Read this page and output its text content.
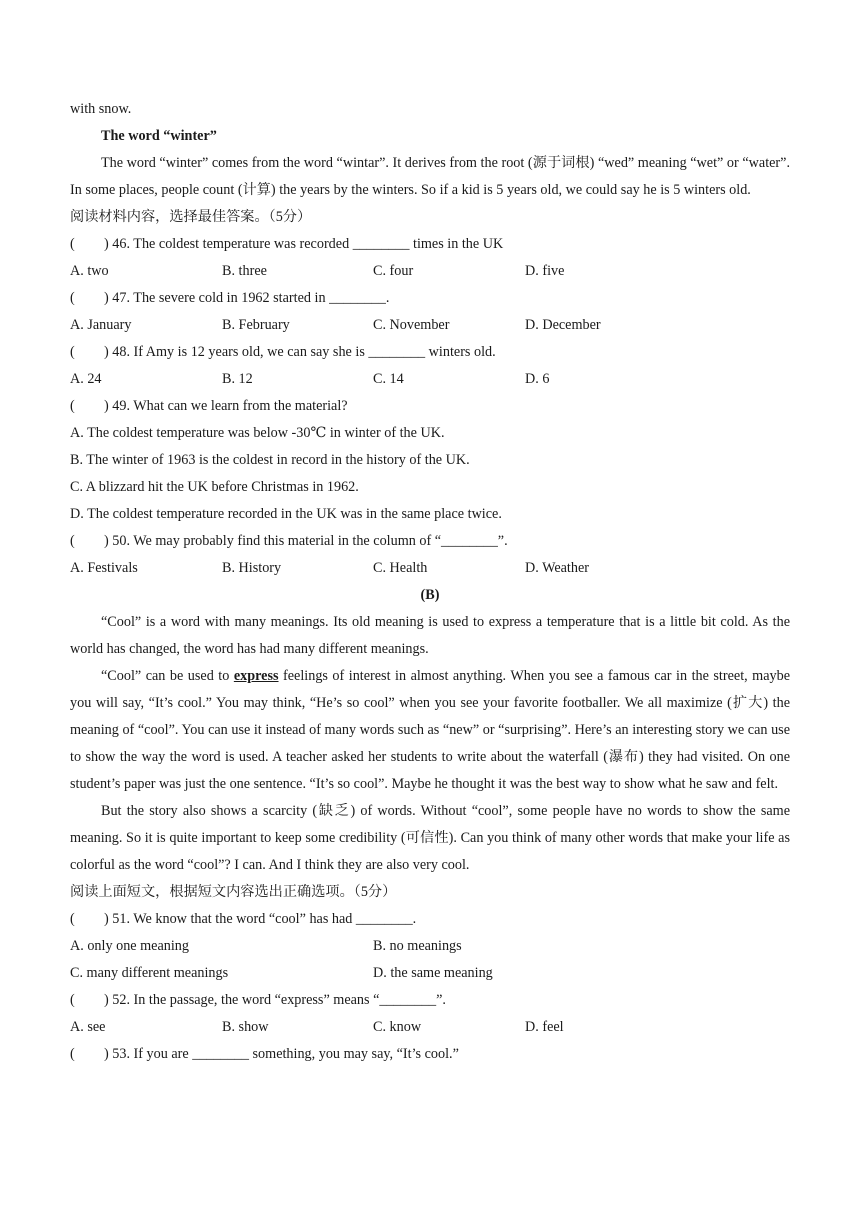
with snow.
The word “winter”
The word “winter” comes from the word “wintar”. It derives from the root (源于词根) “wed” meaning “wet” or “water”. In some places, people count (计算) the years by the winters. So if a kid is 5 years old, we could say he is 5 winters old.
阅读材料内容，选择最佳答案。（5分）
( ) 46. The coldest temperature was recorded ________ times in the UK
A. two	B. three	C. four	D. five
( ) 47. The severe cold in 1962 started in ________.
A. January	B. February	C. November	D. December
( ) 48. If Amy is 12 years old, we can say she is ________ winters old.
A. 24	B. 12	C. 14	D. 6
( ) 49. What can we learn from the material?
A. The coldest temperature was below -30℃ in winter of the UK.
B. The winter of 1963 is the coldest in record in the history of the UK.
C. A blizzard hit the UK before Christmas in 1962.
D. The coldest temperature recorded in the UK was in the same place twice.
( ) 50. We may probably find this material in the column of “________”.
A. Festivals	B. History	C. Health	D. Weather
(B)
“Cool” is a word with many meanings. Its old meaning is used to express a temperature that is a little bit cold. As the world has changed, the word has had many different meanings.
“Cool” can be used to express feelings of interest in almost anything. When you see a famous car in the street, maybe you will say, “It’s cool.” You may think, “He’s so cool” when you see your favorite footballer. We all maximize (扩大) the meaning of “cool”. You can use it instead of many words such as “new” or “surprising”. Here’s an interesting story we can use to show the way the word is used. A teacher asked her students to write about the waterfall (瀑布) they had visited. On one student’s paper was just the one sentence. “It’s so cool”. Maybe he thought it was the best way to show what he saw and felt.
But the story also shows a scarcity (缺乏) of words. Without “cool”, some people have no words to show the same meaning. So it is quite important to keep some credibility (可信性). Can you think of many other words that make your life as colorful as the word “cool”? I can. And I think they are also very cool.
阅读上面短文，根据短文内容选出正确选项。（5分）
( ) 51. We know that the word “cool” has had ________.
A. only one meaning	B. no meanings
C. many different meanings	D. the same meaning
( ) 52. In the passage, the word “express” means “________”.
A. see	B. show	C. know	D. feel
( ) 53. If you are ________ something, you may say, “It’s cool.”
